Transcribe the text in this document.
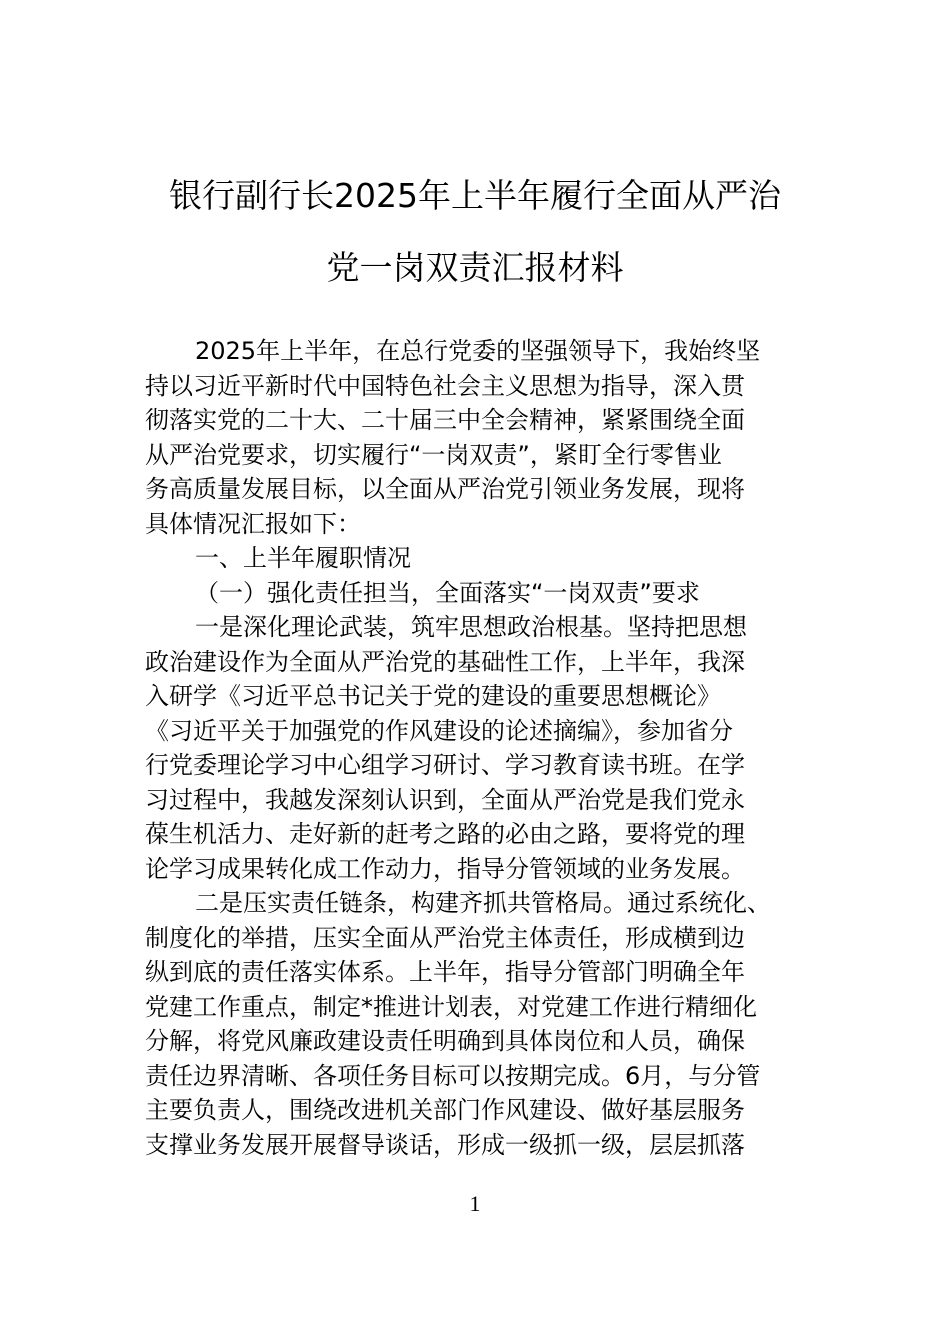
银行副行长2025年上半年履行全面从严治
党一岗双责汇报材料
2025年上半年，在总行党委的坚强领导下，我始终坚
持以习近平新时代中国特色社会主义思想为指导，深入贯
彻落实党的二十大、二十届三中全会精神，紧紧围绕全面
从严治党要求，切实履行“一岗双责”，紧盯全行零售业
务高质量发展目标，以全面从严治党引领业务发展，现将
具体情况汇报如下：
一、上半年履职情况
（一）强化责任担当，全面落实“一岗双责”要求
一是深化理论武装，筑牢思想政治根基。坚持把思想
政治建设作为全面从严治党的基础性工作，上半年，我深
入研学《习近平总书记关于党的建设的重要思想概论》
《习近平关于加强党的作风建设的论述摘编》，参加省分
行党委理论学习中心组学习研讨、学习教育读书班。在学
习过程中，我越发深刻认识到，全面从严治党是我们党永
葆生机活力、走好新的赶考之路的必由之路，要将党的理
论学习成果转化成工作动力，指导分管领域的业务发展。
二是压实责任链条，构建齐抓共管格局。通过系统化、
制度化的举措，压实全面从严治党主体责任，形成横到边
纵到底的责任落实体系。上半年，指导分管部门明确全年
党建工作重点，制定*推进计划表，对党建工作进行精细化
分解，将党风廉政建设责任明确到具体岗位和人员，确保
责任边界清晰、各项任务目标可以按期完成。6月，与分管
主要负责人，围绕改进机关部门作风建设、做好基层服务
支撑业务发展开展督导谈话，形成一级抓一级，层层抓落
1
